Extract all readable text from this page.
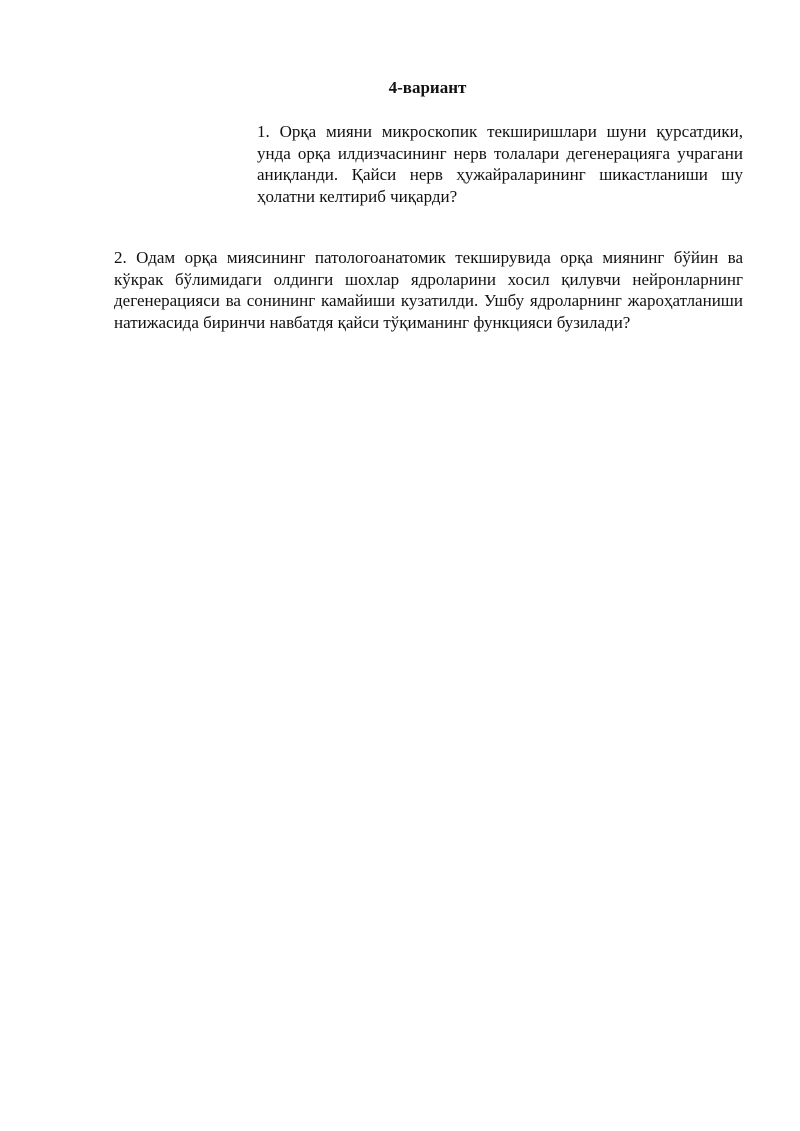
4-вариант

1. Орқа мияни микроскопик текширишлари шуни қурсатдики, унда орқа илдизчасининг нерв толалари дегенерацияга учрагани аниқланди. Қайси нерв ҳужайраларининг шикастланиши шу ҳолатни келтириб чиқарди?

2. Одам орқа миясининг патологоанатомик текширувида орқа миянинг бўйин ва кўкрак бўлимидаги олдинги шохлар ядроларини хосил қилувчи нейронларнинг дегенерацияси ва сонининг камайиши кузатилди. Ушбу ядроларнинг жароҳатланиши натижасида биринчи навбатдя қайси тўқиманинг функцияси бузилади?
